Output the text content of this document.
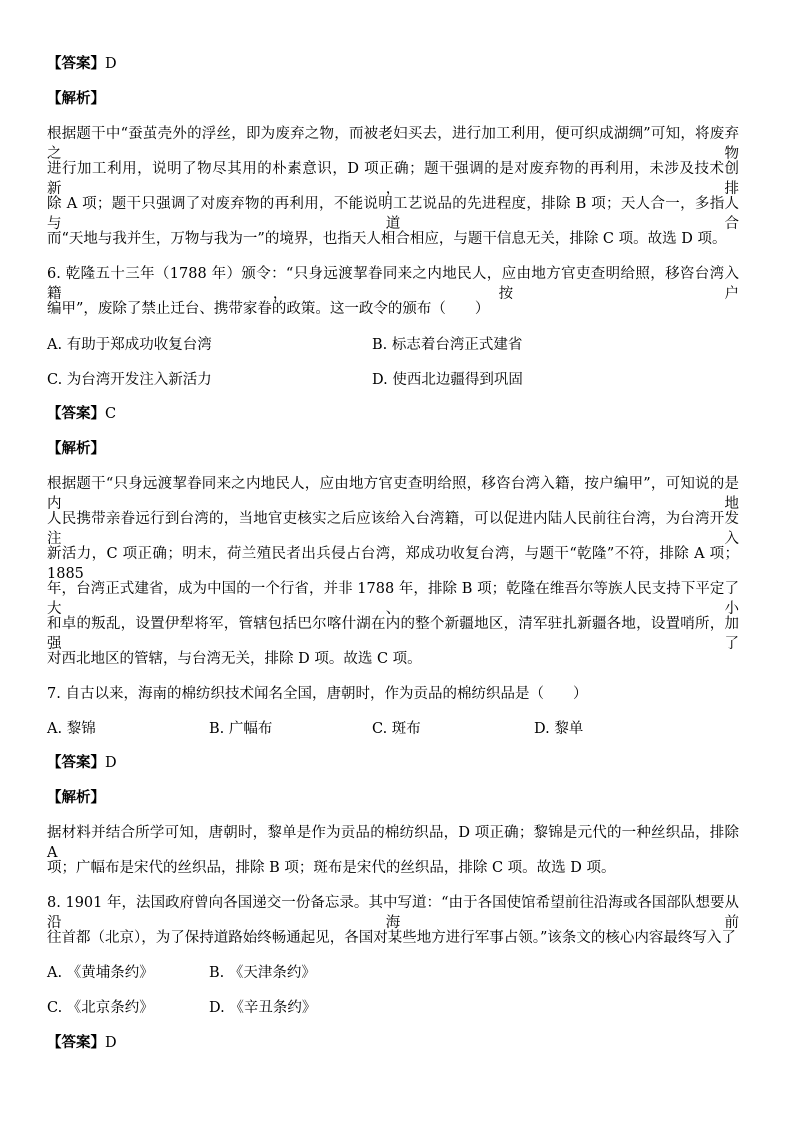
【答案】D
【解析】
根据题干中“蚕茧壳外的浮丝，即为废弃之物，而被老妇买去，进行加工利用，便可织成湖绸”可知，将废弃之物
进行加工利用，说明了物尽其用的朴素意识，D 项正确；题干强调的是对废弃物的再利用，未涉及技术创新，排
除 A 项；题干只强调了对废弃物的再利用，不能说明工艺说品的先进程度，排除 B 项；天人合一，多指人与道合
而“天地与我并生，万物与我为一”的境界，也指天人相合相应，与题干信息无关，排除 C 项。故选 D 项。
6. 乾隆五十三年（1788 年）颁令：“只身远渡挈眷同来之内地民人，应由地方官吏查明给照，移咨台湾入籍，按户
编甲”，废除了禁止迁台、携带家眷的政策。这一政令的颁布（　　）
A. 有助于郑成功收复台湾	B. 标志着台湾正式建省
C. 为台湾开发注入新活力	D. 使西北边疆得到巩固
【答案】C
【解析】
根据题干“只身远渡挈眷同来之内地民人，应由地方官吏查明给照，移咨台湾入籍，按户编甲”，可知说的是内地
人民携带亲眷远行到台湾的，当地官吏核实之后应该给入台湾籍，可以促进内陆人民前往台湾，为台湾开发注入
新活力，C 项正确；明末，荷兰殖民者出兵侵占台湾，郑成功收复台湾，与题干“乾隆”不符，排除 A 项；1885
年，台湾正式建省，成为中国的一个行省，并非 1788 年，排除 B 项；乾隆在维吾尔等族人民支持下平定了大、小
和卓的叛乱，设置伊犁将军，管辖包括巴尔喀什湖在内的整个新疆地区，清军驻扎新疆各地，设置哨所，加强了
对西北地区的管辖，与台湾无关，排除 D 项。故选 C 项。
7. 自古以来，海南的棉纺织技术闻名全国，唐朝时，作为贡品的棉纺织品是（　　）
A. 黎锦	B. 广幅布	C. 斑布	D. 黎单
【答案】D
【解析】
据材料并结合所学可知，唐朝时，黎单是作为贡品的棉纺织品，D 项正确；黎锦是元代的一种丝织品，排除 A
项；广幅布是宋代的丝织品，排除 B 项；斑布是宋代的丝织品，排除 C 项。故选 D 项。
8. 1901 年，法国政府曾向各国递交一份备忘录。其中写道：“由于各国使馆希望前往沿海或各国部队想要从沿海前
往首都（北京），为了保持道路始终畅通起见，各国对某些地方进行军事占领。”该条文的核心内容最终写入了
A. 《黄埔条约》	B. 《天津条约》
C. 《北京条约》	D. 《辛丑条约》
【答案】D
